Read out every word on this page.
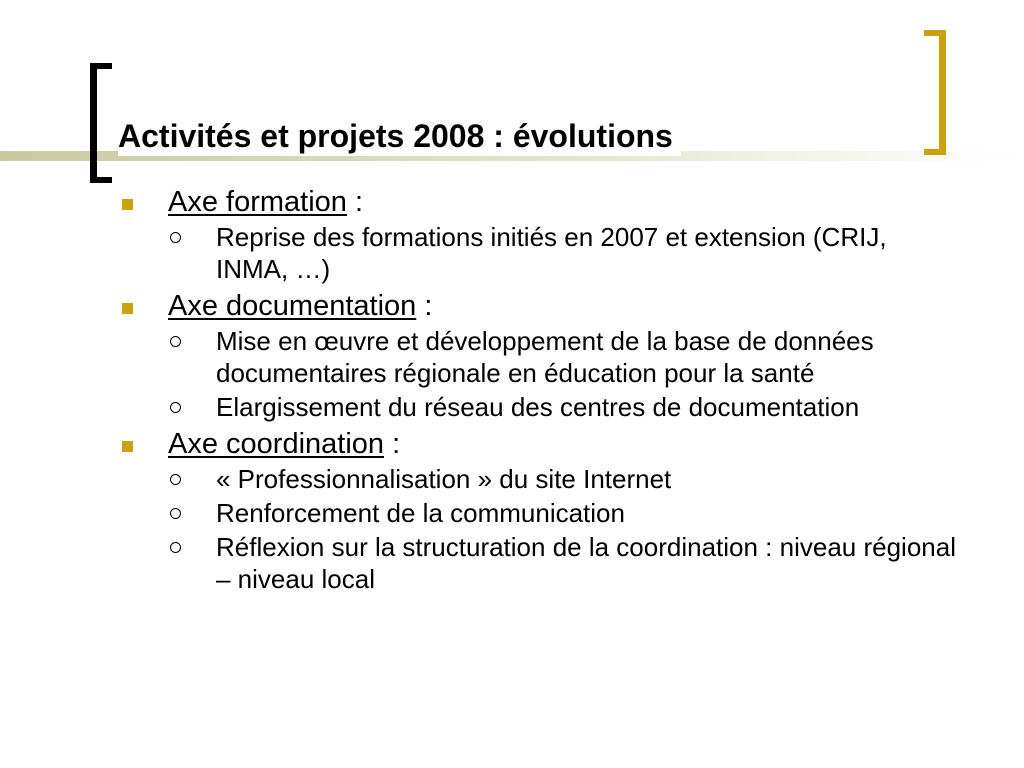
Activités et projets 2008 : évolutions

Axe formation :

Reprise des formations initiés en 2007 et extension (CRIJ, INMA, …)

Axe documentation :

Mise en œuvre et développement de la base de données documentaires régionale en éducation pour la santé

Elargissement du réseau des centres de documentation

Axe coordination :

« Professionnalisation » du site Internet

Renforcement de la communication

Réflexion sur la structuration de la coordination : niveau régional – niveau local
